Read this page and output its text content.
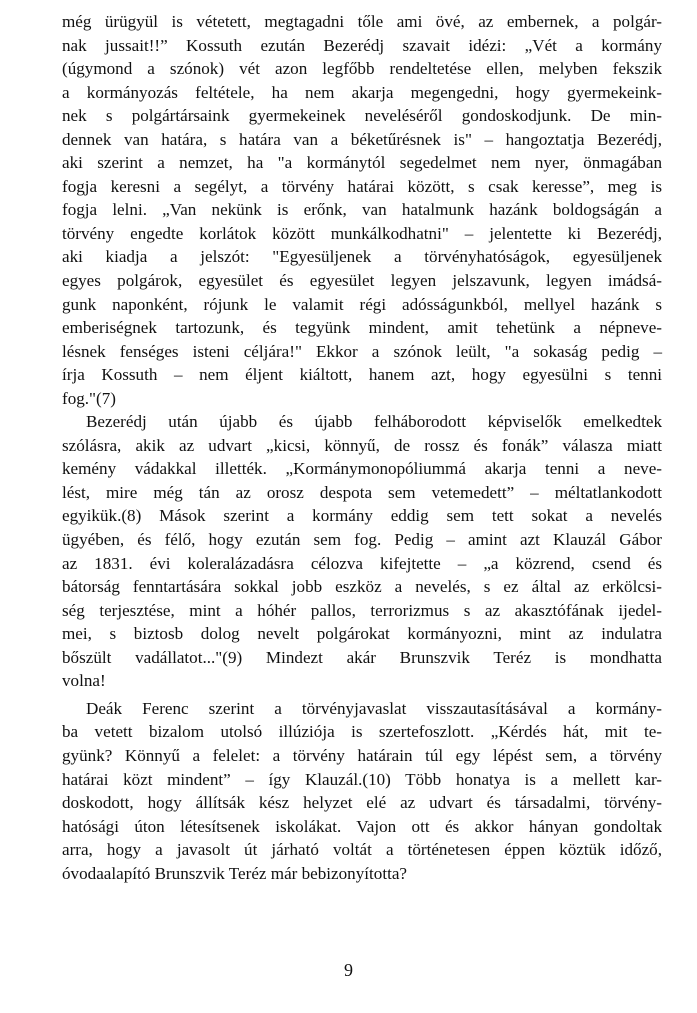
még ürügyül is vétetett, megtagadni tőle ami övé, az embernek, a polgár-
nak jussait!!” Kossuth ezután Bezerédj szavait idézi: „Vét a kormány
(úgymond a szónok) vét azon legfőbb rendeltetése ellen, melyben fekszik
a kormányozás feltétele, ha nem akarja megengedni, hogy gyermekeink-
nek s polgártársaink gyermekeinek neveléséről gondoskodjunk. De min-
dennek van határa, s határa van a béketűrésnek is" – hangoztatja Bezerédj,
aki szerint a nemzet, ha "a kormánytól segedelmet nem nyer, önmagában
fogja keresni a segélyt, a törvény határai között, s csak keresse”, meg is
fogja lelni. „Van nekünk is erőnk, van hatalmunk hazánk boldogságán a
törvény engedte korlátok között munkálkodhatni" – jelentette ki Bezerédj,
aki kiadja a jelszót: "Egyesüljenek a törvényhatóságok, egyesüljenek
egyes polgárok, egyesület és egyesület legyen jelszavunk, legyen imádsá-
gunk naponként, rójunk le valamit régi adósságunkból, mellyel hazánk s
emberiségnek tartozunk, és tegyünk mindent, amit tehetünk a népneve-
lésnek fenséges isteni céljára!" Ekkor a szónok leült, "a sokaság pedig –
írja Kossuth – nem éljent kiáltott, hanem azt, hogy egyesülni s tenni
fog."(7)
Bezerédj után újabb és újabb felháborodott képviselők emelkedtek
szólásra, akik az udvart „kicsi, könnyű, de rossz és fonák” válasza miatt
kemény vádakkal illették. „Kormánymonopóliummá akarja tenni a neve-
lést, mire még tán az orosz despota sem vetemedett” – méltatlankodott
egyikük.(8) Mások szerint a kormány eddig sem tett sokat a nevelés
ügyében, és félő, hogy ezután sem fog. Pedig – amint azt Klauzál Gábor
az 1831. évi koleralázadásra célozva kifejtette – „a közrend, csend és
bátorság fenntartására sokkal jobb eszköz a nevelés, s ez által az erkölcsi-
ség terjesztése, mint a hóhér pallos, terrorizmus s az akasztófának ijedel-
mei, s biztosb dolog nevelt polgárokat kormányozni, mint az indulatra
bőszült vadállatot..."(9) Mindezt akár Brunszvik Teréz is mondhatta
volna!
Deák Ferenc szerint a törvényjavaslat visszautasításával a kormány-
ba vetett bizalom utolsó illúziója is szertefoszlott. „Kérdés hát, mit te-
gyünk? Könnyű a felelet: a törvény határain túl egy lépést sem, a törvény
határai közt mindent” – így Klauzál.(10) Több honatya is a mellett kar-
doskodott, hogy állítsák kész helyzet elé az udvart és társadalmi, törvény-
hatósági úton létesítsenek iskolákat. Vajon ott és akkor hányan gondoltak
arra, hogy a javasolt út járható voltát a történetesen éppen köztük időző,
óvodaalapító Brunszvik Teréz már bebizonyította?
9
